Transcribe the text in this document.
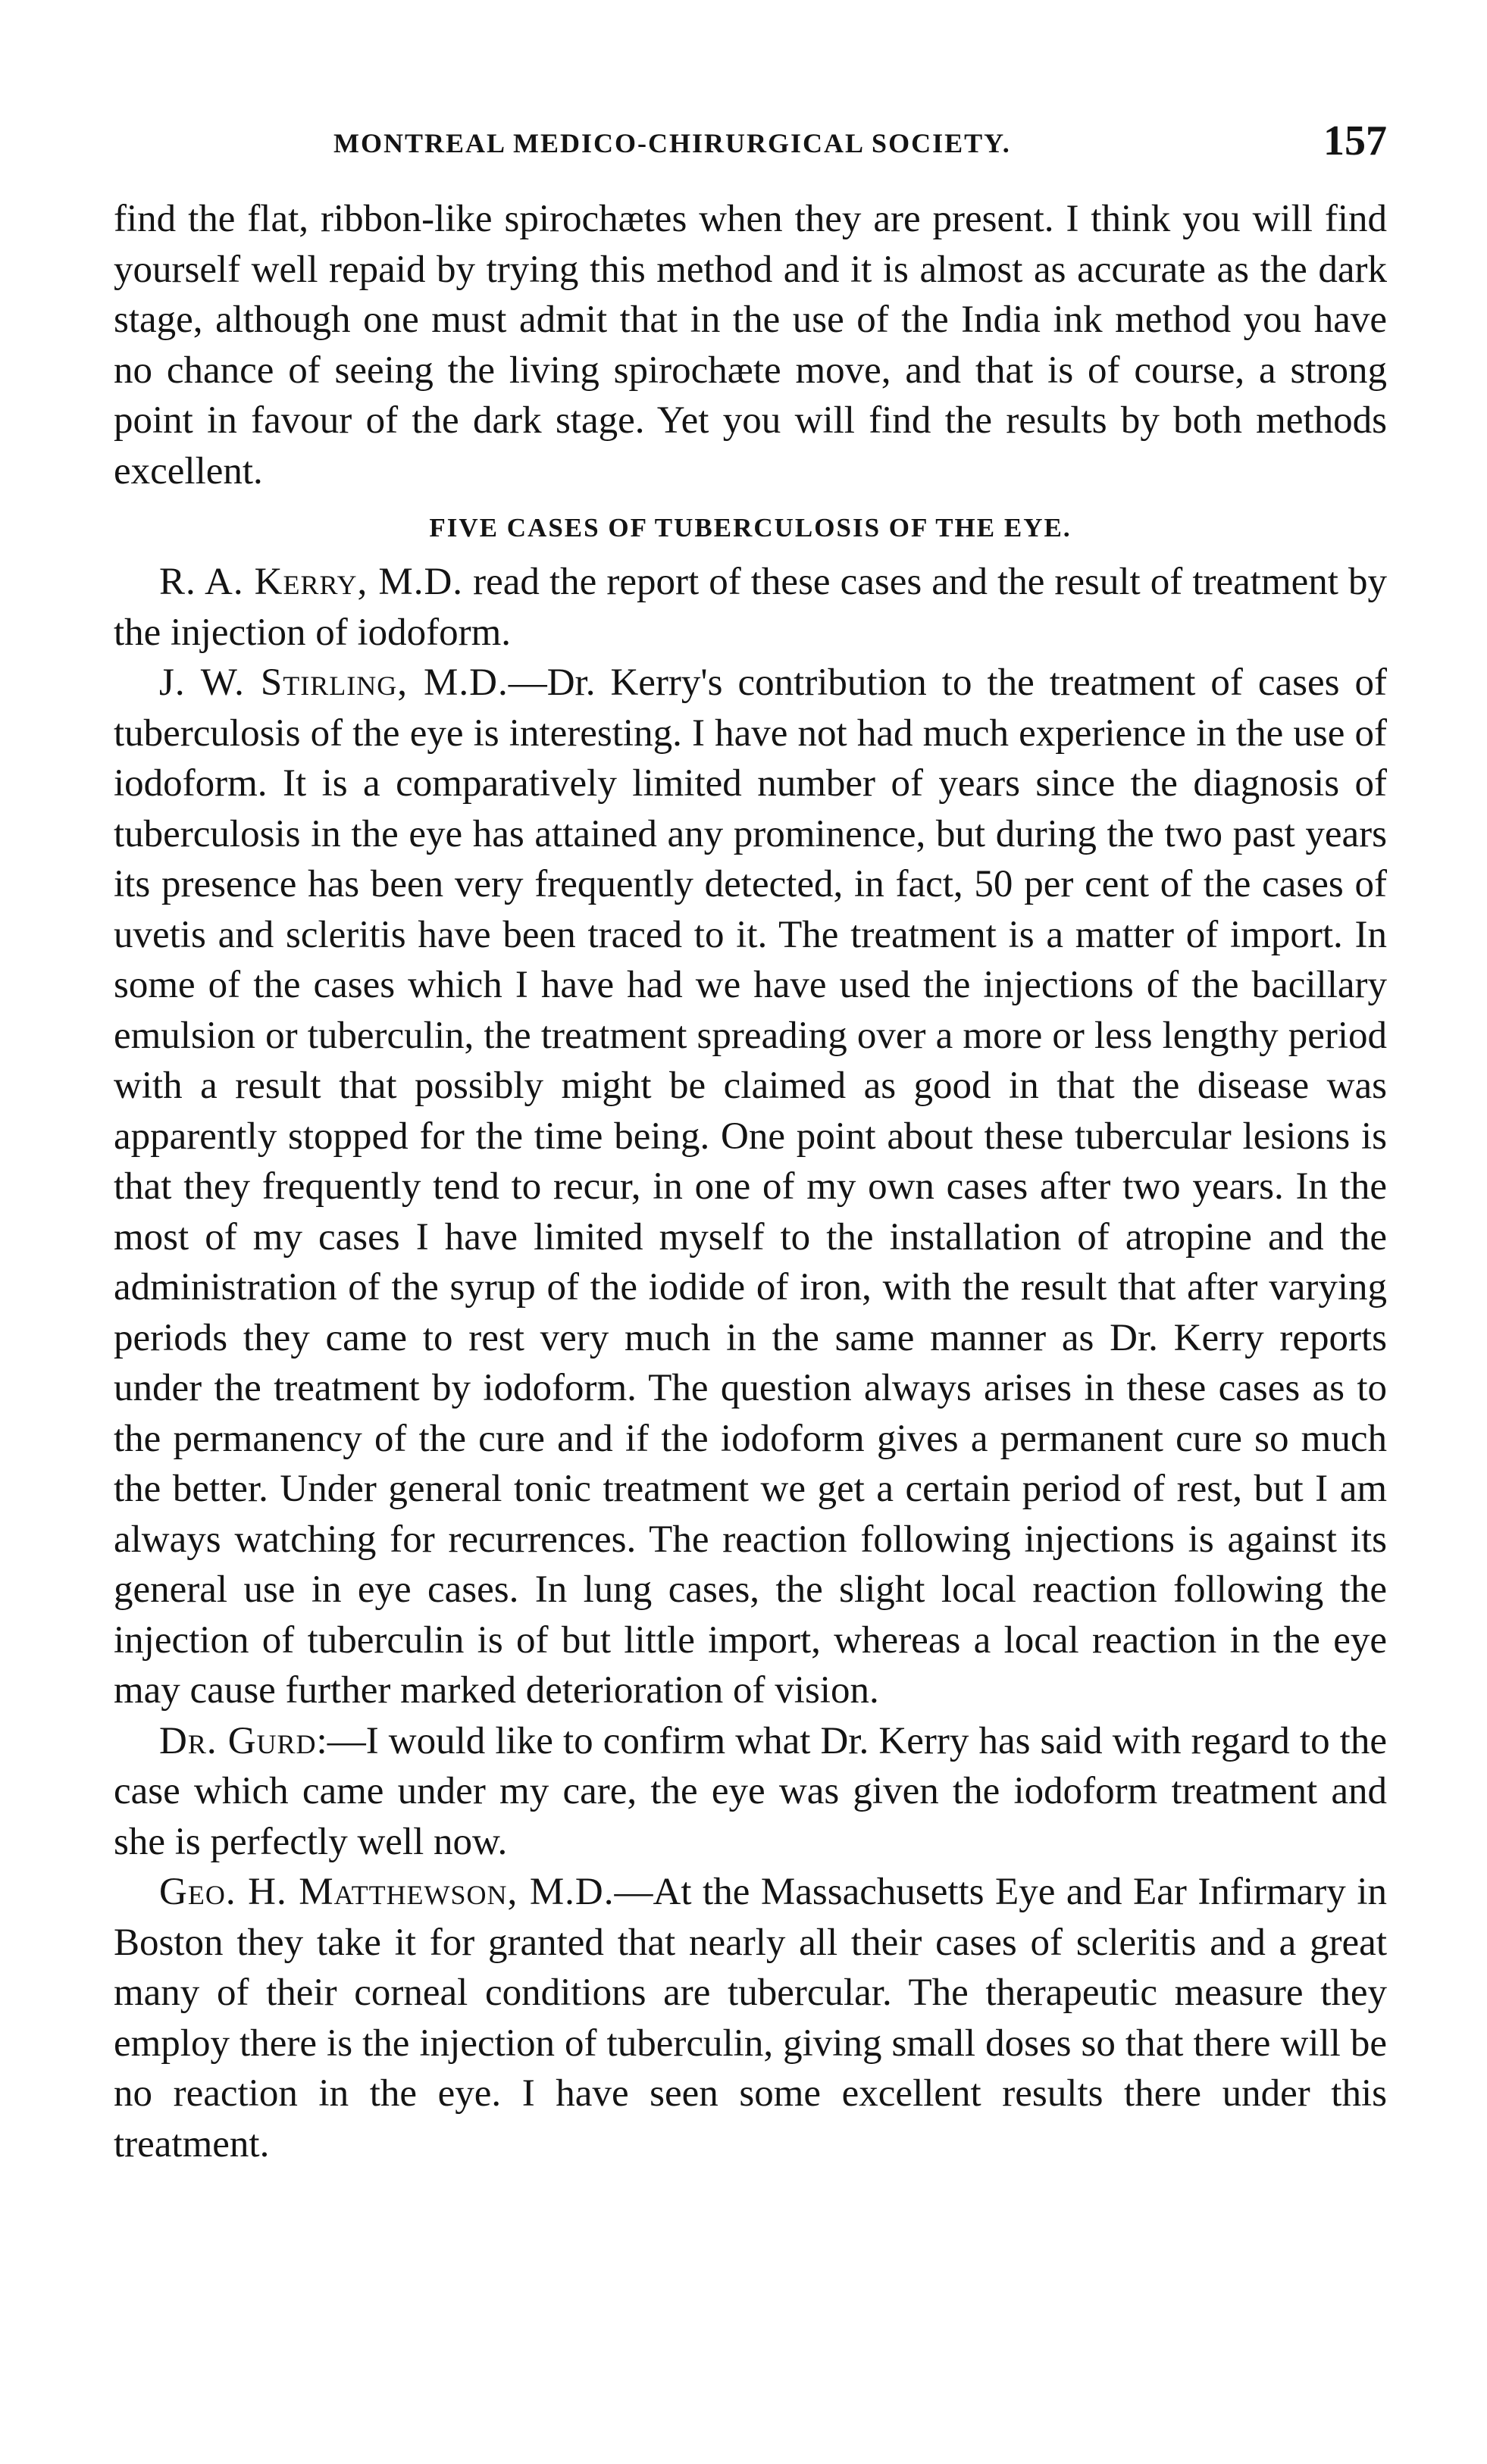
MONTREAL MEDICO-CHIRURGICAL SOCIETY.	157

find the flat, ribbon-like spirochætes when they are present. I think you will find yourself well repaid by trying this method and it is almost as accurate as the dark stage, although one must admit that in the use of the India ink method you have no chance of seeing the living spirochæte move, and that is of course, a strong point in favour of the dark stage. Yet you will find the results by both methods excellent.

FIVE CASES OF TUBERCULOSIS OF THE EYE.

R. A. Kerry, M.D. read the report of these cases and the result of treatment by the injection of iodoform.

J. W. Stirling, M.D.—Dr. Kerry's contribution to the treatment of cases of tuberculosis of the eye is interesting. I have not had much experience in the use of iodoform. It is a comparatively limited number of years since the diagnosis of tuberculosis in the eye has attained any prominence, but during the two past years its presence has been very frequently detected, in fact, 50 per cent of the cases of uvetis and scleritis have been traced to it. The treatment is a matter of import. In some of the cases which I have had we have used the injections of the bacillary emulsion or tuberculin, the treatment spreading over a more or less lengthy period with a result that possibly might be claimed as good in that the disease was apparently stopped for the time being. One point about these tubercular lesions is that they frequently tend to recur, in one of my own cases after two years. In the most of my cases I have limited myself to the installation of atropine and the administration of the syrup of the iodide of iron, with the result that after varying periods they came to rest very much in the same manner as Dr. Kerry reports under the treatment by iodoform. The question always arises in these cases as to the permanency of the cure and if the iodoform gives a permanent cure so much the better. Under general tonic treatment we get a certain period of rest, but I am always watching for recurrences. The reaction following injections is against its general use in eye cases. In lung cases, the slight local reaction following the injection of tuberculin is of but little import, whereas a local reaction in the eye may cause further marked deterioration of vision.

Dr. Gurd:—I would like to confirm what Dr. Kerry has said with regard to the case which came under my care, the eye was given the iodoform treatment and she is perfectly well now.

Geo. H. Matthewson, M.D.—At the Massachusetts Eye and Ear Infirmary in Boston they take it for granted that nearly all their cases of scleritis and a great many of their corneal conditions are tubercular. The therapeutic measure they employ there is the injection of tuberculin, giving small doses so that there will be no reaction in the eye. I have seen some excellent results there under this treatment.
